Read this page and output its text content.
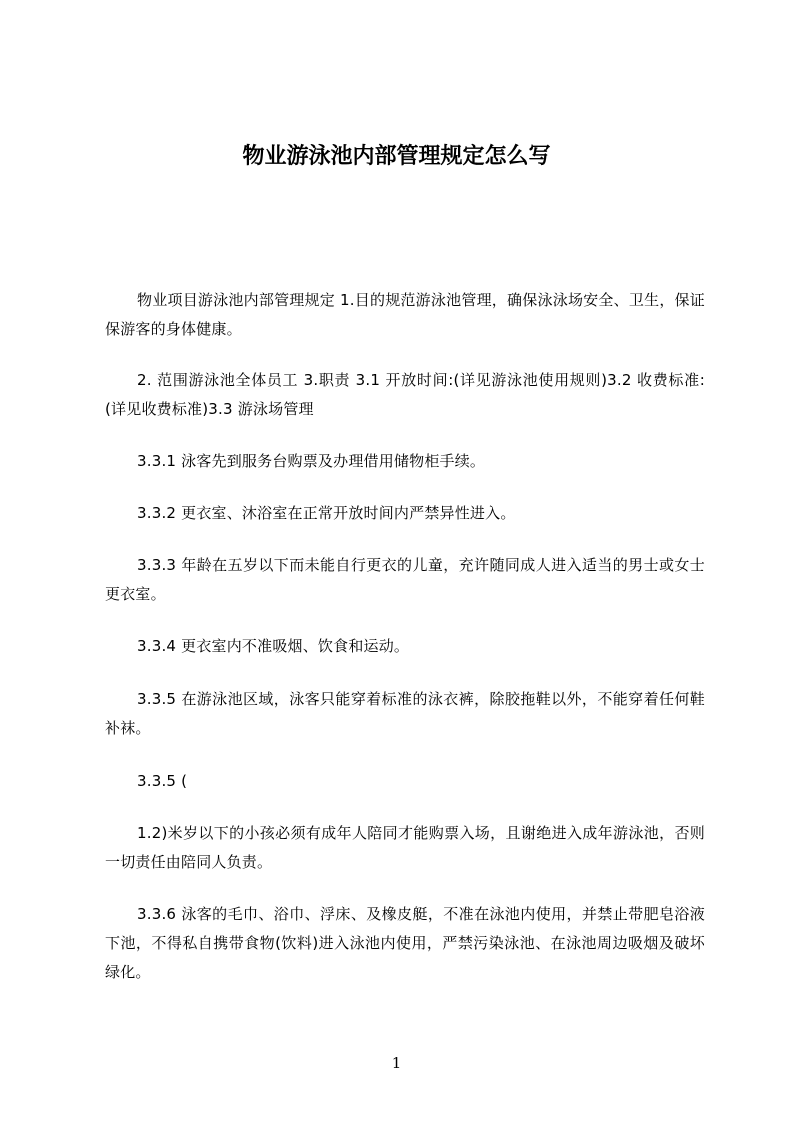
物业游泳池内部管理规定怎么写

物业项目游泳池内部管理规定 1.目的规范游泳池管理，确保泳泳场安全、卫生，保证保游客的身体健康。

2. 范围游泳池全体员工 3.职责 3.1 开放时间:(详见游泳池使用规则)3.2 收费标准:(详见收费标准)3.3 游泳场管理

3.3.1 泳客先到服务台购票及办理借用储物柜手续。

3.3.2 更衣室、沐浴室在正常开放时间内严禁异性进入。

3.3.3 年龄在五岁以下而未能自行更衣的儿童，充许随同成人进入适当的男士或女士更衣室。

3.3.4 更衣室内不准吸烟、饮食和运动。

3.3.5 在游泳池区域，泳客只能穿着标准的泳衣裤，除胶拖鞋以外，不能穿着任何鞋补袜。

3.3.5 (

1.2)米岁以下的小孩必须有成年人陪同才能购票入场，且谢绝进入成年游泳池，否则一切责任由陪同人负责。

3.3.6 泳客的毛巾、浴巾、浮床、及橡皮艇，不准在泳池内使用，并禁止带肥皂浴液下池，不得私自携带食物(饮料)进入泳池内使用，严禁污染泳池、在泳池周边吸烟及破坏绿化。

1
